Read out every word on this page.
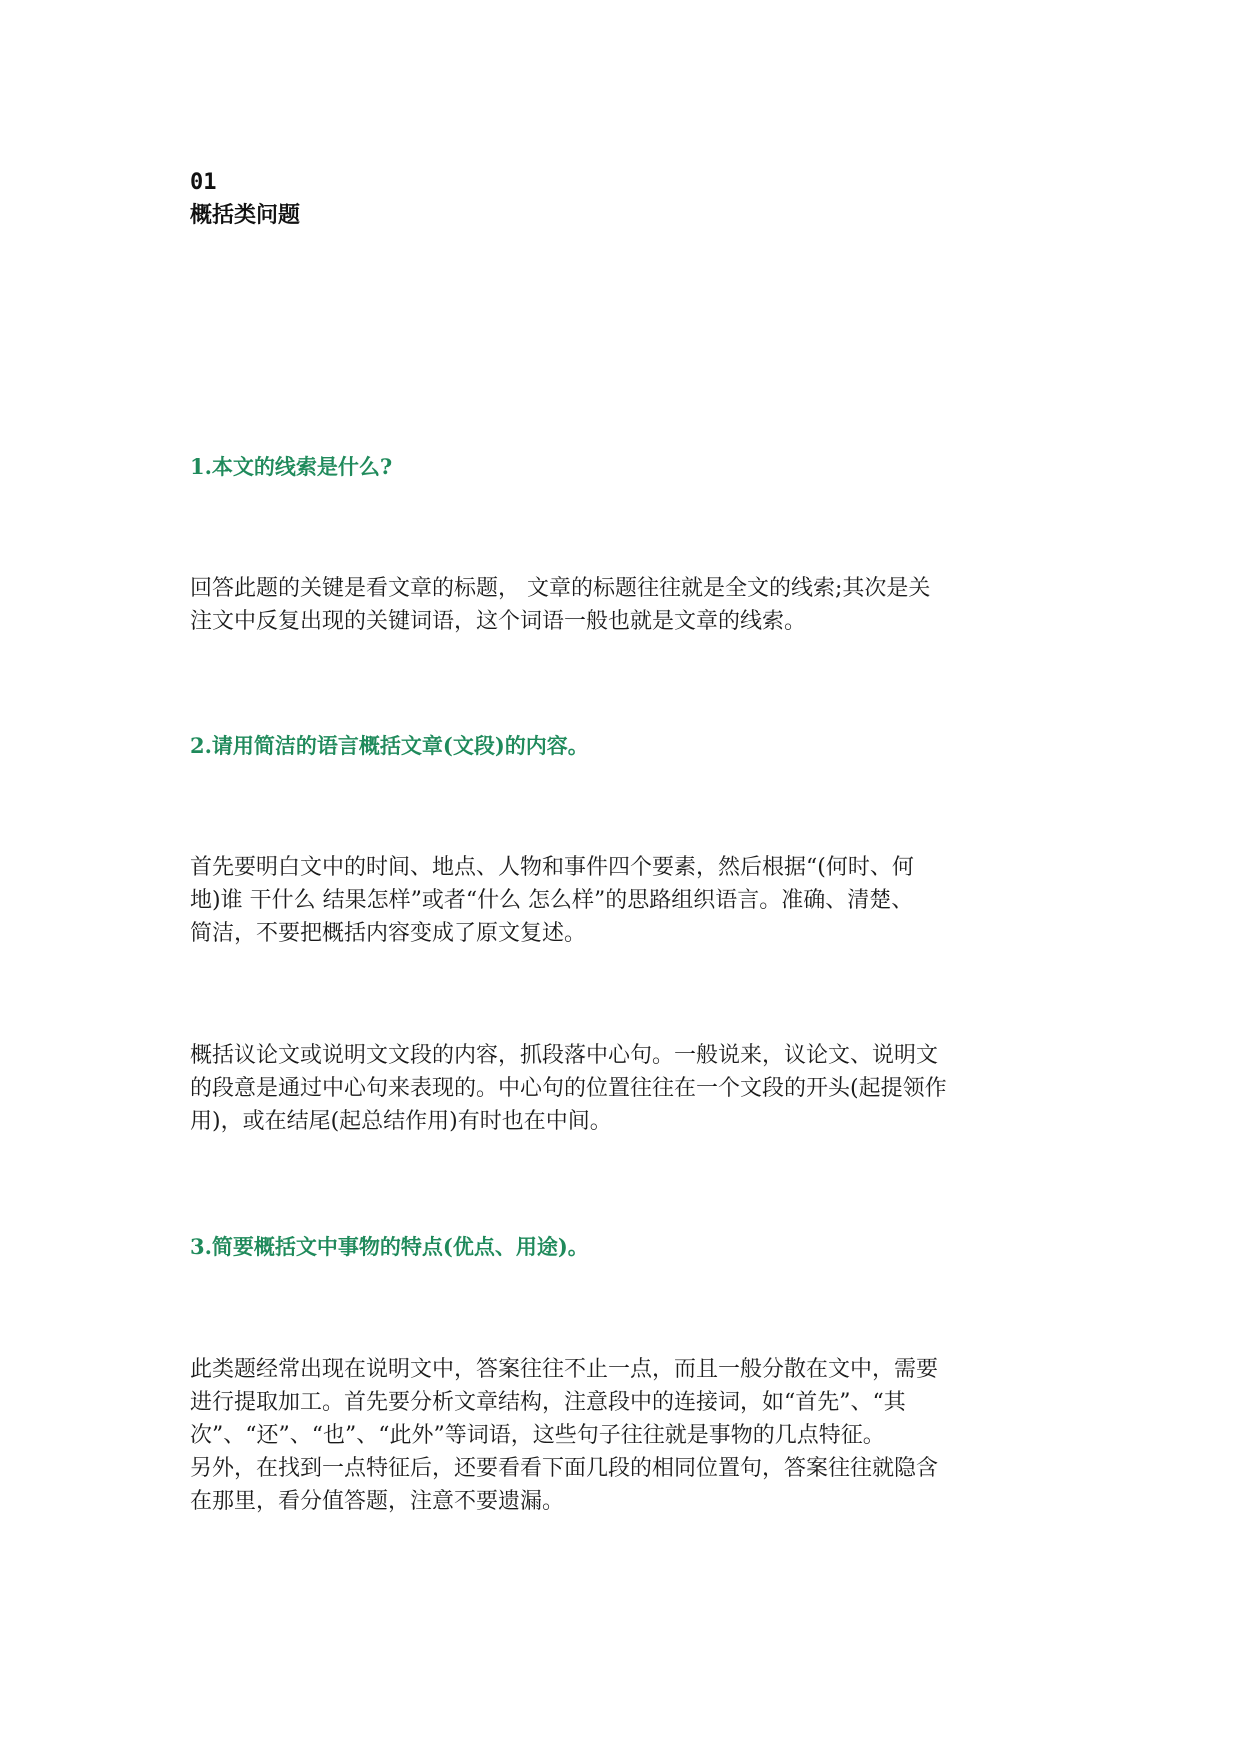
01
概括类问题
1.本文的线索是什么?
回答此题的关键是看文章的标题， 文章的标题往往就是全文的线索;其次是关
注文中反复出现的关键词语，这个词语一般也就是文章的线索。
2.请用简洁的语言概括文章(文段)的内容。
首先要明白文中的时间、地点、人物和事件四个要素，然后根据“(何时、何
地)谁 干什么 结果怎样”或者“什么 怎么样”的思路组织语言。准确、清楚、
简洁，不要把概括内容变成了原文复述。
概括议论文或说明文文段的内容，抓段落中心句。一般说来，议论文、说明文
的段意是通过中心句来表现的。中心句的位置往往在一个文段的开头(起提领作
用)，或在结尾(起总结作用)有时也在中间。
3.简要概括文中事物的特点(优点、用途)。
此类题经常出现在说明文中，答案往往不止一点，而且一般分散在文中，需要
进行提取加工。首先要分析文章结构，注意段中的连接词，如“首先”、“其
次”、“还”、“也”、“此外”等词语，这些句子往往就是事物的几点特征。
另外，在找到一点特征后，还要看看下面几段的相同位置句，答案往往就隐含
在那里，看分值答题，注意不要遗漏。
